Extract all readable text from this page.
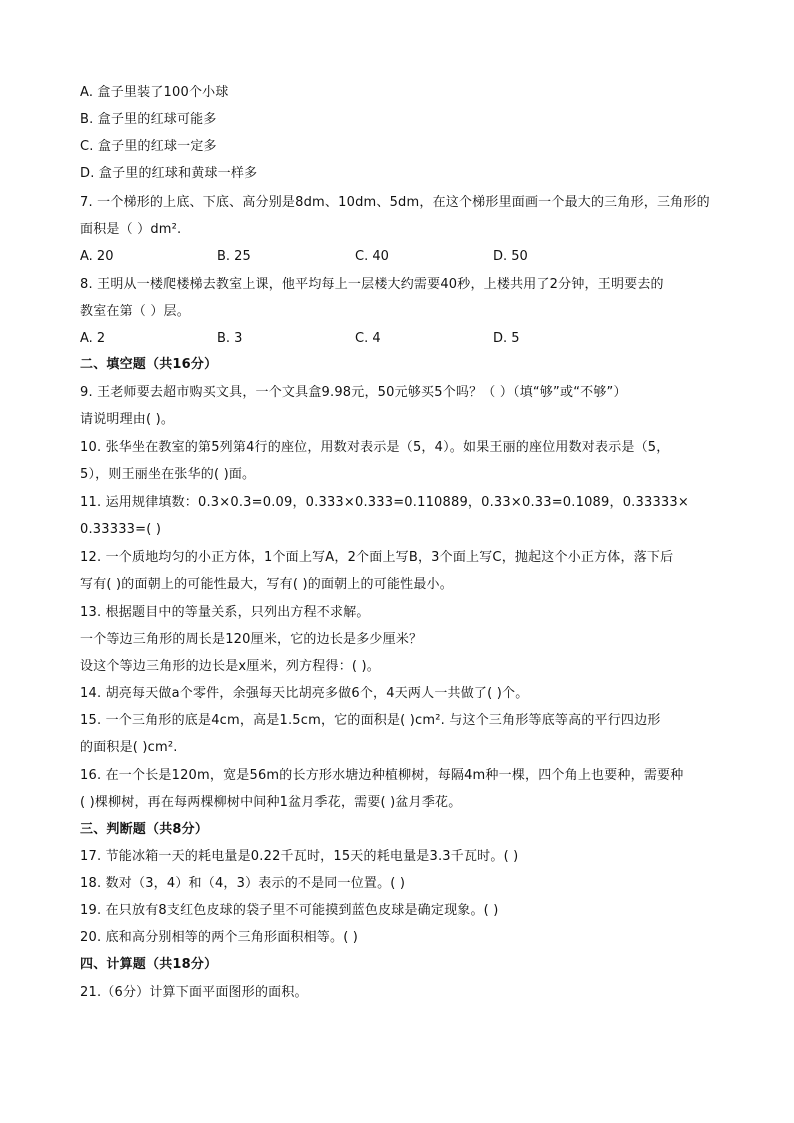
A. 盒子里装了100个小球
B. 盒子里的红球可能多
C. 盒子里的红球一定多
D. 盒子里的红球和黄球一样多
7. 一个梯形的上底、下底、高分别是8dm、10dm、5dm，在这个梯形里面画一个最大的三角形，三角形的
面积是（ ）dm².
A. 20	B. 25	C. 40	D. 50
8. 王明从一楼爬楼梯去教室上课，他平均每上一层楼大约需要40秒，上楼共用了2分钟，王明要去的
教室在第（ ）层。
A. 2	B. 3	C. 4	D. 5
二、填空题（共16分）
9. 王老师要去超市购买文具，一个文具盒9.98元，50元够买5个吗？（ ）（填“够”或“不够”）
请说明理由( )。
10. 张华坐在教室的第5列第4行的座位，用数对表示是（5，4）。如果王丽的座位用数对表示是（5，
5），则王丽坐在张华的( )面。
11. 运用规律填数：0.3×0.3=0.09，0.333×0.333=0.110889，0.33×0.33=0.1089，0.33333×
0.33333=( )
12. 一个质地均匀的小正方体，1个面上写A，2个面上写B，3个面上写C，抛起这个小正方体，落下后
写有( )的面朝上的可能性最大，写有( )的面朝上的可能性最小。
13. 根据题目中的等量关系，只列出方程不求解。
一个等边三角形的周长是120厘米，它的边长是多少厘米？
设这个等边三角形的边长是x厘米，列方程得：( )。
14. 胡亮每天做a个零件，余强每天比胡亮多做6个，4天两人一共做了( )个。
15. 一个三角形的底是4cm，高是1.5cm，它的面积是( )cm². 与这个三角形等底等高的平行四边形
的面积是( )cm².
16. 在一个长是120m，宽是56m的长方形水塘边种植柳树，每隔4m种一棵，四个角上也要种，需要种
( )棵柳树，再在每两棵柳树中间种1盆月季花，需要( )盆月季花。
三、判断题（共8分）
17. 节能冰箱一天的耗电量是0.22千瓦时，15天的耗电量是3.3千瓦时。( )
18. 数对（3，4）和（4，3）表示的不是同一位置。( )
19. 在只放有8支红色皮球的袋子里不可能摸到蓝色皮球是确定现象。( )
20. 底和高分别相等的两个三角形面积相等。( )
四、计算题（共18分）
21.（6分）计算下面平面图形的面积。
